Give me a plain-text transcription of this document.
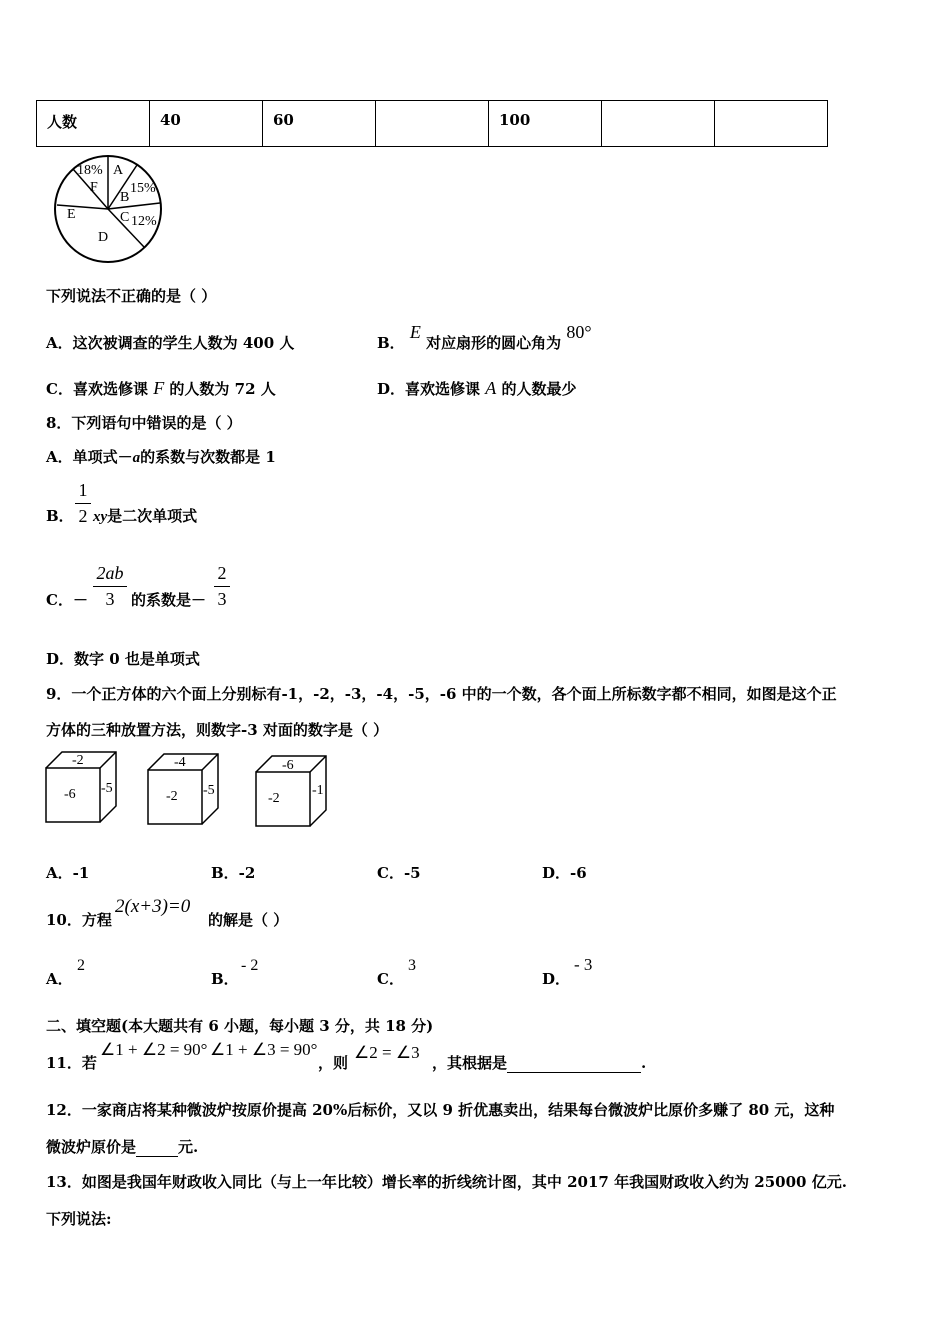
人数	40	60		100		
18%
F
A
B
15%
C 12%
D
E
下列说法不正确的是（ ）
A．这次被调查的学生人数为 400 人	B． E 对应扇形的圆心角为 80°
C．喜欢选修课 F 的人数为 72 人	D．喜欢选修课 A 的人数最少
8．下列语句中错误的是（ ）
A．单项式－a的系数与次数都是 1
B．
1
2 xy是二次单项式
C．－
2ab
3	的系数是－
2
3
D．数字 0 也是单项式
9．一个正方体的六个面上分别标有-1，-2，-3，-4，-5，-6 中的一个数，各个面上所标数字都不相同，如图是这个正
方体的三种放置方法，则数字-3 对面的数字是（ ）
-2
-6 -5
-4
-2 -5
-6
-2
-1
A．-1	B．-2	C．-5	D．-6
10．方程
2(x+3)=0
的解是（ ）
A．
2
B．
- 2
C．
3
D．
- 3
二、填空题(本大题共有 6 小题，每小题 3 分，共 18 分)
11．若
∠1 + ∠2 = 90° ∠1 + ∠3 = 90°
，则
∠2 = ∠3
，其根据是	.
12．一家商店将某种微波炉按原价提高 20%后标价，又以 9 折优惠卖出，结果每台微波炉比原价多赚了 80 元，这种
微波炉原价是	元.
13．如图是我国年财政收入同比（与上一年比较）增长率的折线统计图，其中 2017 年我国财政收入约为 25000 亿元.
下列说法:
